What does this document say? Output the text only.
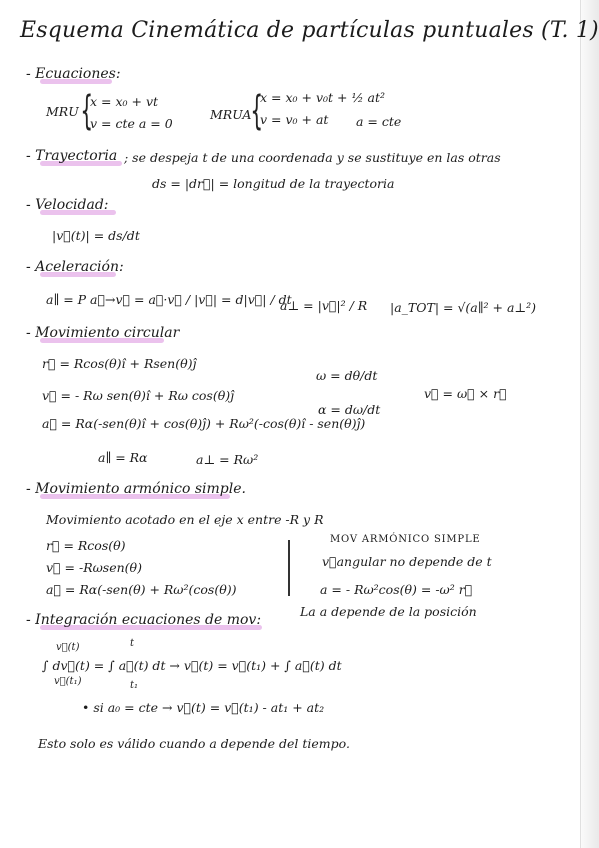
Esquema Cinemática de partículas puntuales (T. 1)
- Ecuaciones:
MRU {
x = x₀ + vt
v = cte a = 0
MRUA
{
x = x₀ + v₀t + ½ at²
v = v₀ + at a = cte
- Trayectoria ; se despeja t de una coordenada y se sustituye en las otras
ds = |dr⃗| = longitud de la trayectoria
- Velocidad:
|v⃗(t)| = ds/dt
- Aceleración:
a∥ = P a⃗→v⃗ = a⃗·v⃗ / |v⃗| = d|v⃗| / dt
a⊥ = |v⃗|² / R |a_TOT| = √(a∥² + a⊥²)
- Movimiento circular
r⃗ = Rcos(θ)î + Rsen(θ)ĵ
v⃗ = - Rω sen(θ)î + Rω cos(θ)ĵ
a⃗ = Rα(-sen(θ)î + cos(θ)ĵ) + Rω²(-cos(θ)î - sen(θ)ĵ)
ω = dθ/dt
α = dω/dt
v⃗ = ω⃗ × r⃗
a∥ = Rα	a⊥ = Rω²
- Movimiento armónico simple.
Movimiento acotado en el eje x entre -R y R
r⃗ = Rcos(θ)
v⃗ = -Rωsen(θ)
a⃗ = Rα(-sen(θ) + Rω²(cos(θ))
MOV ARMÓNICO SIMPLE
v⃗angular no depende de t
a = - Rω²cos(θ) = -ω² r⃗
La a depende de la posición
- Integración ecuaciones de mov:
v⃗(t)
v⃗(t₁)
t
t₁
∫ dv⃗(t) = ∫ a⃗(t) dt → v⃗(t) = v⃗(t₁) + ∫ a⃗(t) dt
• si a₀ = cte → v⃗(t) = v⃗(t₁) - at₁ + at₂
Esto solo es válido cuando a depende del tiempo.
